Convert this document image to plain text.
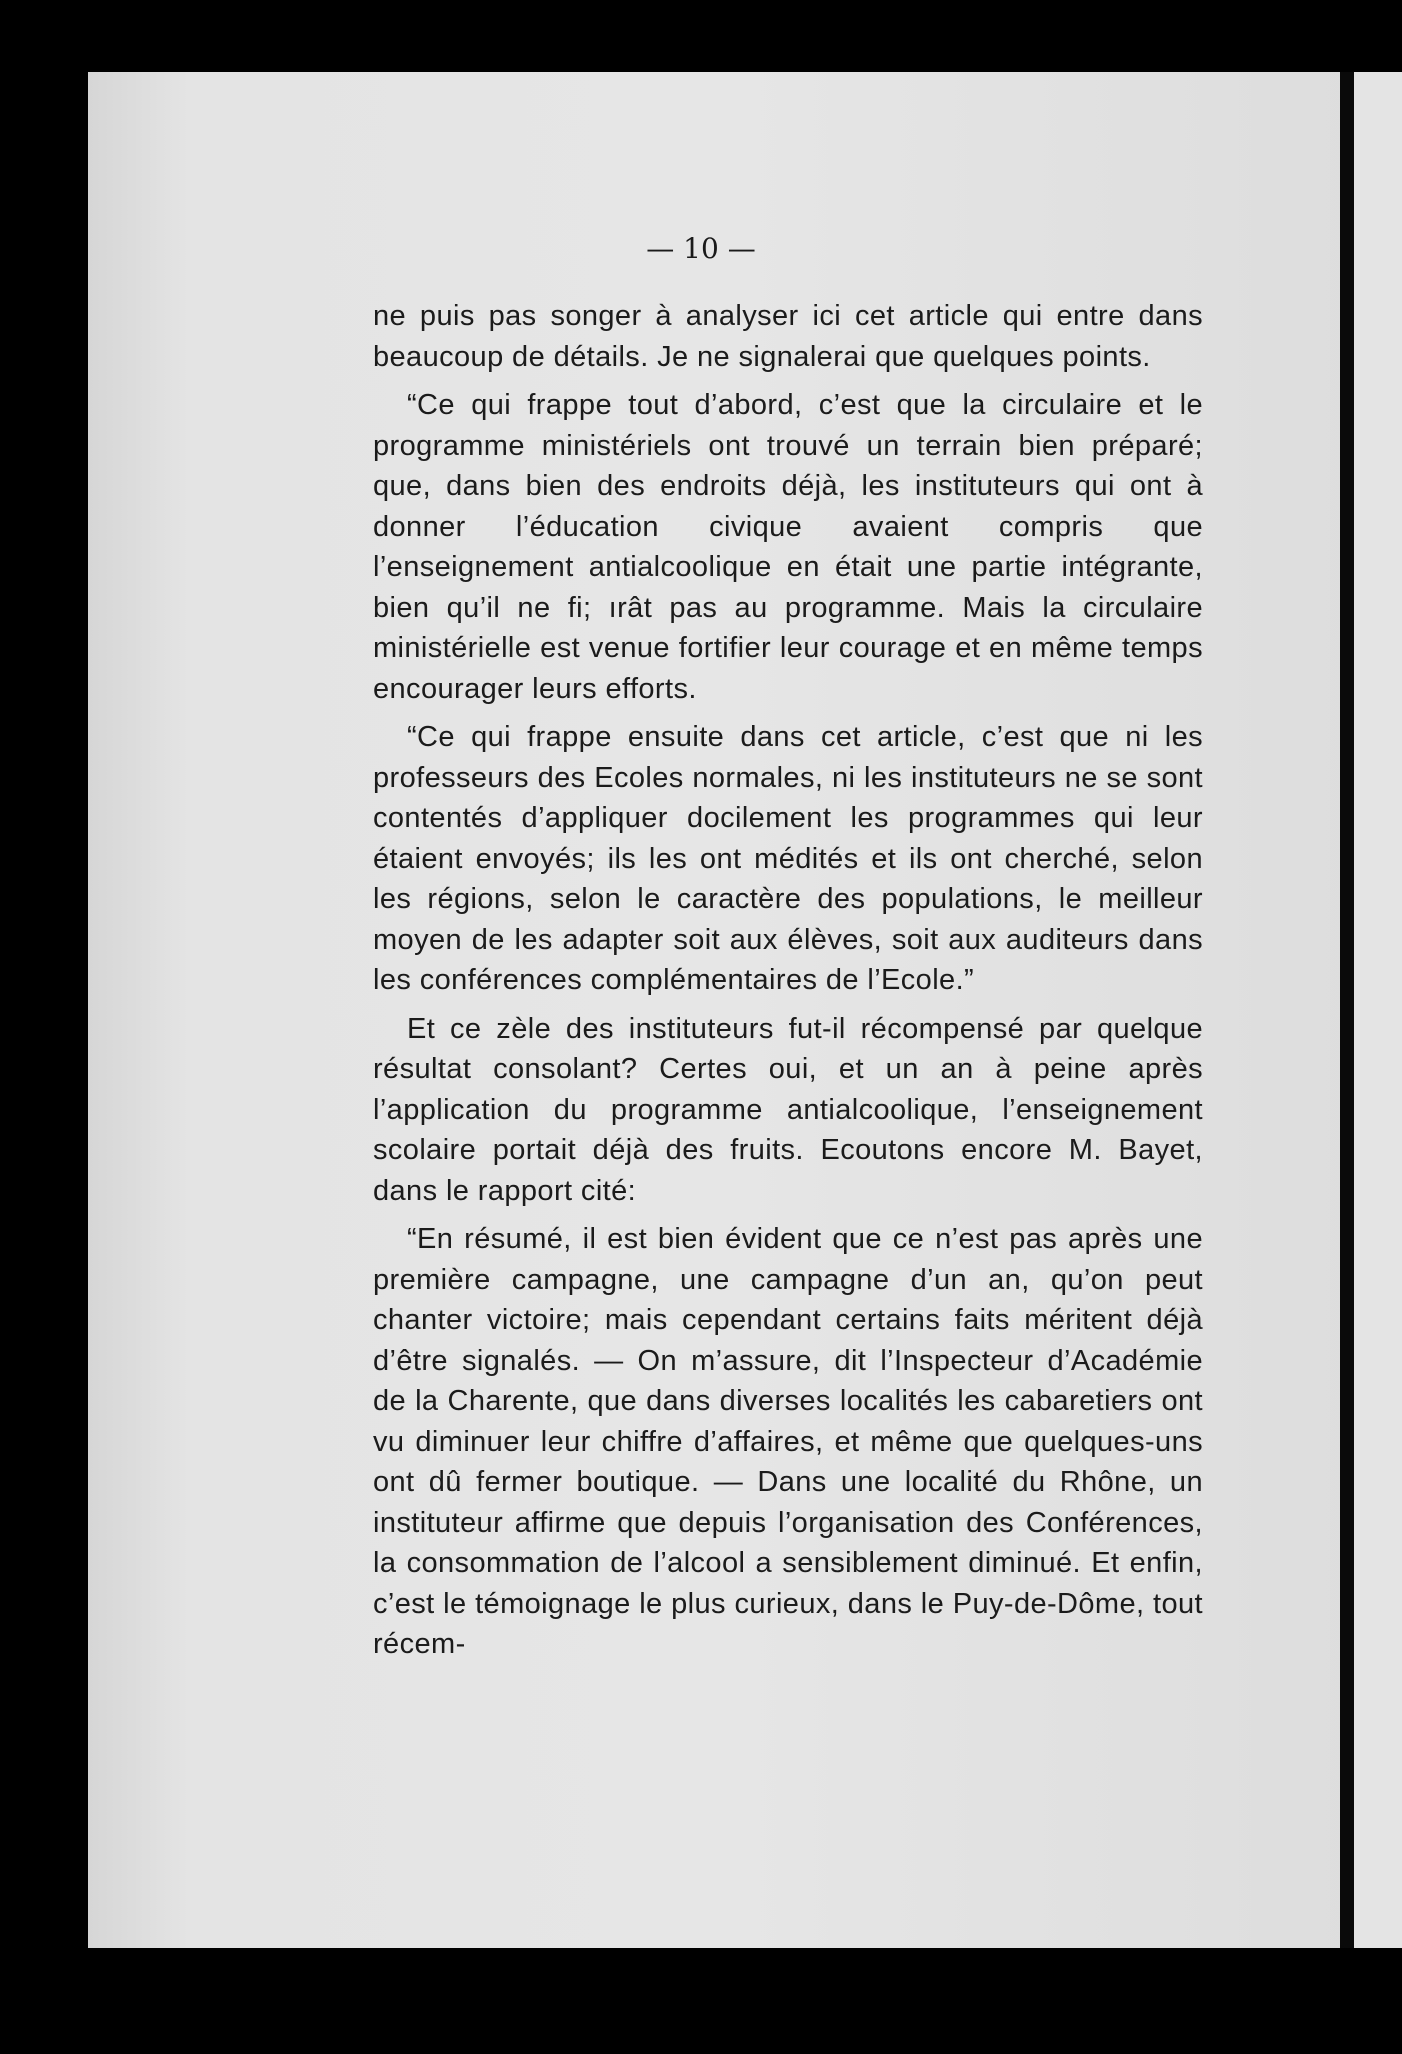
— 10 —

ne puis pas songer à analyser ici cet article qui entre dans beaucoup de détails. Je ne signalerai que quelques points.

“Ce qui frappe tout d’abord, c’est que la circulaire et le programme ministériels ont trouvé un terrain bien préparé; que, dans bien des endroits déjà, les instituteurs qui ont à donner l’éducation civique avaient compris que l’enseignement antialcoolique en était une partie intégrante, bien qu’il ne fi; ırât pas au programme. Mais la circulaire ministérielle est venue fortifier leur courage et en même temps encourager leurs efforts.

“Ce qui frappe ensuite dans cet article, c’est que ni les professeurs des Ecoles normales, ni les instituteurs ne se sont contentés d’appliquer docilement les programmes qui leur étaient envoyés; ils les ont médités et ils ont cherché, selon les régions, selon le caractère des populations, le meilleur moyen de les adapter soit aux élèves, soit aux auditeurs dans les conférences complémentaires de l’Ecole.”

Et ce zèle des instituteurs fut-il récompensé par quelque résultat consolant? Certes oui, et un an à peine après l’application du programme antialcoolique, l’enseignement scolaire portait déjà des fruits. Ecoutons encore M. Bayet, dans le rapport cité:

“En résumé, il est bien évident que ce n’est pas après une première campagne, une campagne d’un an, qu’on peut chanter victoire; mais cependant certains faits méritent déjà d’être signalés. — On m’assure, dit l’Inspecteur d’Académie de la Charente, que dans diverses localités les cabaretiers ont vu diminuer leur chiffre d’affaires, et même que quelques-uns ont dû fermer boutique. — Dans une localité du Rhône, un instituteur affirme que depuis l’organisation des Conférences, la consommation de l’alcool a sensiblement diminué. Et enfin, c’est le témoignage le plus curieux, dans le Puy-de-Dôme, tout récem-
